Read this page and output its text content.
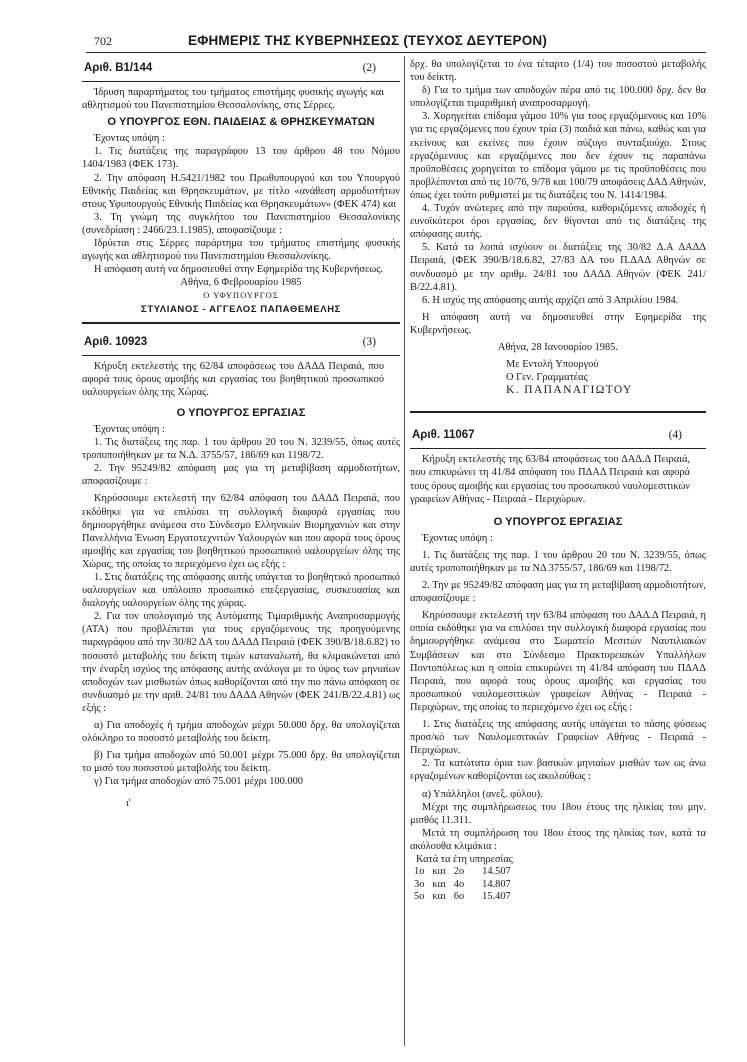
702	ΕΦΗΜΕΡΙΣ ΤΗΣ ΚΥΒΕΡΝΗΣΕΩΣ (ΤΕΥΧΟΣ ΔΕΥΤΕΡΟΝ)
Αριθ. Β1/144	(2)

Ίδρυση παραρτήματος του τμήματος επιστήμης φυσικής αγωγής και αθλητισμού του Πανεπιστημίου Θεσσαλονίκης, στις Σέρρες.

Ο ΥΠΟΥΡΓΟΣ ΕΘΝ. ΠΑΙΔΕΙΑΣ & ΘΡΗΣΚΕΥΜΑΤΩΝ

Έχοντας υπόψη :

1. Τις διατάξεις της παραγράφου 13 του άρθρου 48 του Νόμου 1404/1983 (ΦΕΚ 173).

2. Την απόφαση Η.5421/1982 του Πρωθυπουργού και του Υπουργού Εθνικής Παιδείας και Θρησκευμάτων, με τίτλο «ανάθεση αρμοδιοτήτων στους Υφυπουργούς Εθνικής Παιδείας και Θρησκευμάτων» (ΦΕΚ 474) και

3. Τη γνώμη της συγκλήτου του Πανεπιστημίου Θεσσαλονίκης (συνεδρίαση : 2466/23.1.1985), αποφασίζουμε :

Ιδρύεται στις Σέρρες παράρτημα του τμήματος επιστήμης φυσικής αγωγής και αθλητισμού του Πανεπιστημίου Θεσσαλονίκης.

Η απόφαση αυτή να δημοσιευθεί στην Εφημερίδα της Κυβερνήσεως.

Αθήνα, 6 Φεβρουαρίου 1985
Ο ΥΦΥΠΟΥΡΓΟΣ
ΣΤΥΛΙΑΝΟΣ - ΑΓΓΕΛΟΣ ΠΑΠΑΘΕΜΕΛΗΣ
Αριθ. 10923	(3)

Κήρυξη εκτελεστής της 62/84 αποφάσεως του ΔΑΔΔ Πειραιά, που αφορά τους όρους αμοιβής και εργασίας του βοηθητικού προσωπικού υαλουργείων όλης της Χώρας.

Ο ΥΠΟΥΡΓΟΣ ΕΡΓΑΣΙΑΣ

Έχοντας υπόψη :

1. Τις διατάξεις της παρ. 1 του άρθρου 20 του Ν. 3239/55, όπως αυτές τροποποιήθηκαν με τα Ν.Δ. 3755/57, 186/69 και 1198/72.

2. Την 95249/82 απόφαση μας για τη μεταβίβαση αρμοδιοτήτων, αποφασίζουμε :

Κηρύσσουμε εκτελεστή την 62/84 απόφαση του ΔΑΔΔ Πειραιά, που εκδόθηκε για να επιλύσει τη συλλογική διαφορά εργασίας που δημιουργήθηκε ανάμεσα στο Σύνδεσμο Ελληνικών Βιομηχανιών και στην Πανελλήνια Ένωση Εργατοτεχνιτών Υαλουργών και που αφορά τους όρους αμοιβής και εργασίας του βοηθητικού προσωπικού υαλουργείων όλης της Χώρας, της οποίας το περιεχόμενο έχει ως εξής :

1. Στις διατάξεις της απόφασης αυτής υπάγεται το βοηθητικό προσωπικό υαλουργείων και υπόλοιπο προσωπικό επεξεργασίας, συσκευασίας και διαλογής υαλουργείων όλης της χώρας.

2. Για τον υπολογισμό της Αυτόματης Τιμαριθμικής Αναπροσαρμογής (ΑΤΑ) που προβλέπεται για τους εργαζόμενους της προηγούμενης παραγράφου από την 30/82 ΔΑ του ΔΑΔΔ Πειραιά (ΦΕΚ 390/Β/18.6.82) το ποσοστό μεταβολής του δείκτη τιμών καταναλωτή, θα κλιμακώνεται από την έναρξη ισχύος της απόφασης αυτής ανάλογα με το ύψος των μηνιαίων αποδοχών των μισθωτών όπως καθορίζονται από την πιο πάνω απόφαση σε συνδυασμό με την αριθ. 24/81 του ΔΑΔΔ Αθηνών (ΦΕΚ 241/Β/22.4.81) ως εξής :

α) Για αποδοχές ή τμήμα αποδοχών μέχρι 50.000 δρχ. θα υπολογίζεται ολόκληρο το ποσοστό μεταβολής του δείκτη.

β) Για τμήμα αποδοχών από 50.001 μέχρι 75.000 δρχ. θα υπολογίζεται το μισό του ποσοστού μεταβολής του δείκτη.

γ) Για τμήμα αποδοχών από 75.001 μέχρι 100.000

ι'

δρχ. θα υπολογίζεται το ένα τέταρτο (1/4) του ποσοστού μεταβολής του δείκτη.

δ) Για το τμήμα των αποδοχών πέρα από τις 100.000 δρχ. δεν θα υπολογίζεται τιμαριθμική αναπροσαρμογή.

3. Χορηγείται επίδομα γάμου 10% για τους εργαζόμενους και 10% για τις εργαζόμενες που έχουν τρία (3) παιδιά και πάνω, καθώς και για εκείνους και εκείνες που έχουν σύζυγο συνταξιούχο. Στους εργαζόμενους και εργαζόμενες που δεν έχουν τις παραπάνω προϋποθέσεις χορηγείται το επίδομα γάμου με τις προϋποθέσεις που προβλέπονται από τις 10/76, 9/78 και 100/79 αποφάσεις ΔΑΔ Αθηνών, όπως έχει τούτο ρυθμιστεί με τις διατάξεις του Ν. 1414/1984.

4. Τυχόν ανώτερες από την παρούσα, καθοριζόμενες αποδοχές ή ευνοϊκότεροι όροι εργασίας, δεν θίγονται από τις διατάξεις της απόφασης αυτής.

5. Κατά τα λοιπά ισχύουν οι διατάξεις της 30/82 Δ.Α ΔΑΔΔ Πειραιά, (ΦΕΚ 390/Β/18.6.82, 27/83 ΔΑ του Π.ΔΑΔ Αθηνών σε συνδυασμό με την αριθμ. 24/81 του ΔΑΔΔ Αθηνών (ΦΕΚ 241/Β/22.4.81).

6. Η ισχύς της απόφασης αυτής αρχίζει από 3 Απριλίου 1984.

Η απόφαση αυτή να δημοσιευθεί στην Εφημερίδα της Κυβερνήσεως.

Αθήνα, 28 Ιανουαρίου 1985.
Με Εντολή Υπουργού
Ο Γεν. Γραμματέας
Κ. ΠΑΠΑΝΑΓΙΩΤΟΥ
Αριθ. 11067	(4)

Κήρυξη εκτελεστής της 63/84 αποφάσεως του ΔΑΔ.Δ Πειραιά, που επικυρώνει τη 41/84 απόφαση του ΠΔΑΔ Πειραιά και αφορά τους όρους αμοιβής και εργασίας του προσωπικού ναυλομεσιτικών γραφείων Αθήνας - Πειραιά - Περιχώρων.

Ο ΥΠΟΥΡΓΟΣ ΕΡΓΑΣΙΑΣ

Έχοντας υπόψη :

1. Τις διατάξεις της παρ. 1 του άρθρου 20 του Ν. 3239/55, όπως αυτές τροποποιήθηκαν με τα ΝΔ 3755/57, 186/69 και 1198/72.

2. Την με 95249/82 απόφαση μας για τη μεταβίβαση αρμοδιοτήτων, αποφασίζουμε :

Κηρύσσουμε εκτελεστή την 63/84 απόφαση του ΔΑΔ.Δ Πειραιά, η οποία εκδόθηκε για να επιλύσει την συλλογική διαφορά εργασίας που δημιουργήθηκε ανάμεσα στο Σωματείο Μεσιτών Ναυτιλιακών Συμβάσεων και στο Σύνδεσμο Πρακτορειακών Υπαλλήλων Ποντοπόλεως και η οποία επικυρώνει τη 41/84 απόφαση του ΠΔΑΔ Πειραιά, που αφορά τους όρους αμοιβής και εργασίας του προσωπικού ναυλομεσιτικών γραφείων Αθήνας - Πειραιά - Περιχώρων, της οποίας το περιεχόμενο έχει ως εξής :

1. Στις διατάξεις της απόφασης αυτής υπάγεται το πάσης φύσεως προσ/κό των Ναυλομεσιτικών Γραφείων Αθήνας - Πειραιά - Περιχώρων.

2. Τα κατώτατα όρια των βασικών μηνιαίων μισθών των ως άνω εργαζομένων καθορίζονται ως ακολούθως :

α) Υπάλληλοι (ανεξ. φύλου).

Μέχρι της συμπλήρωσεως του 18ου έτους της ηλικίας του μην. μισθός 11.311.

Μετά τη συμπλήρωση του 18ου έτους της ηλικίας των, κατά τα ακόλουθα κλιμάκια :

Κατά τα έτη υπηρεσίας
1ο	και	2ο	14.507
3ο	και	4ο	14.807
5ο	και	6ο	15.407
